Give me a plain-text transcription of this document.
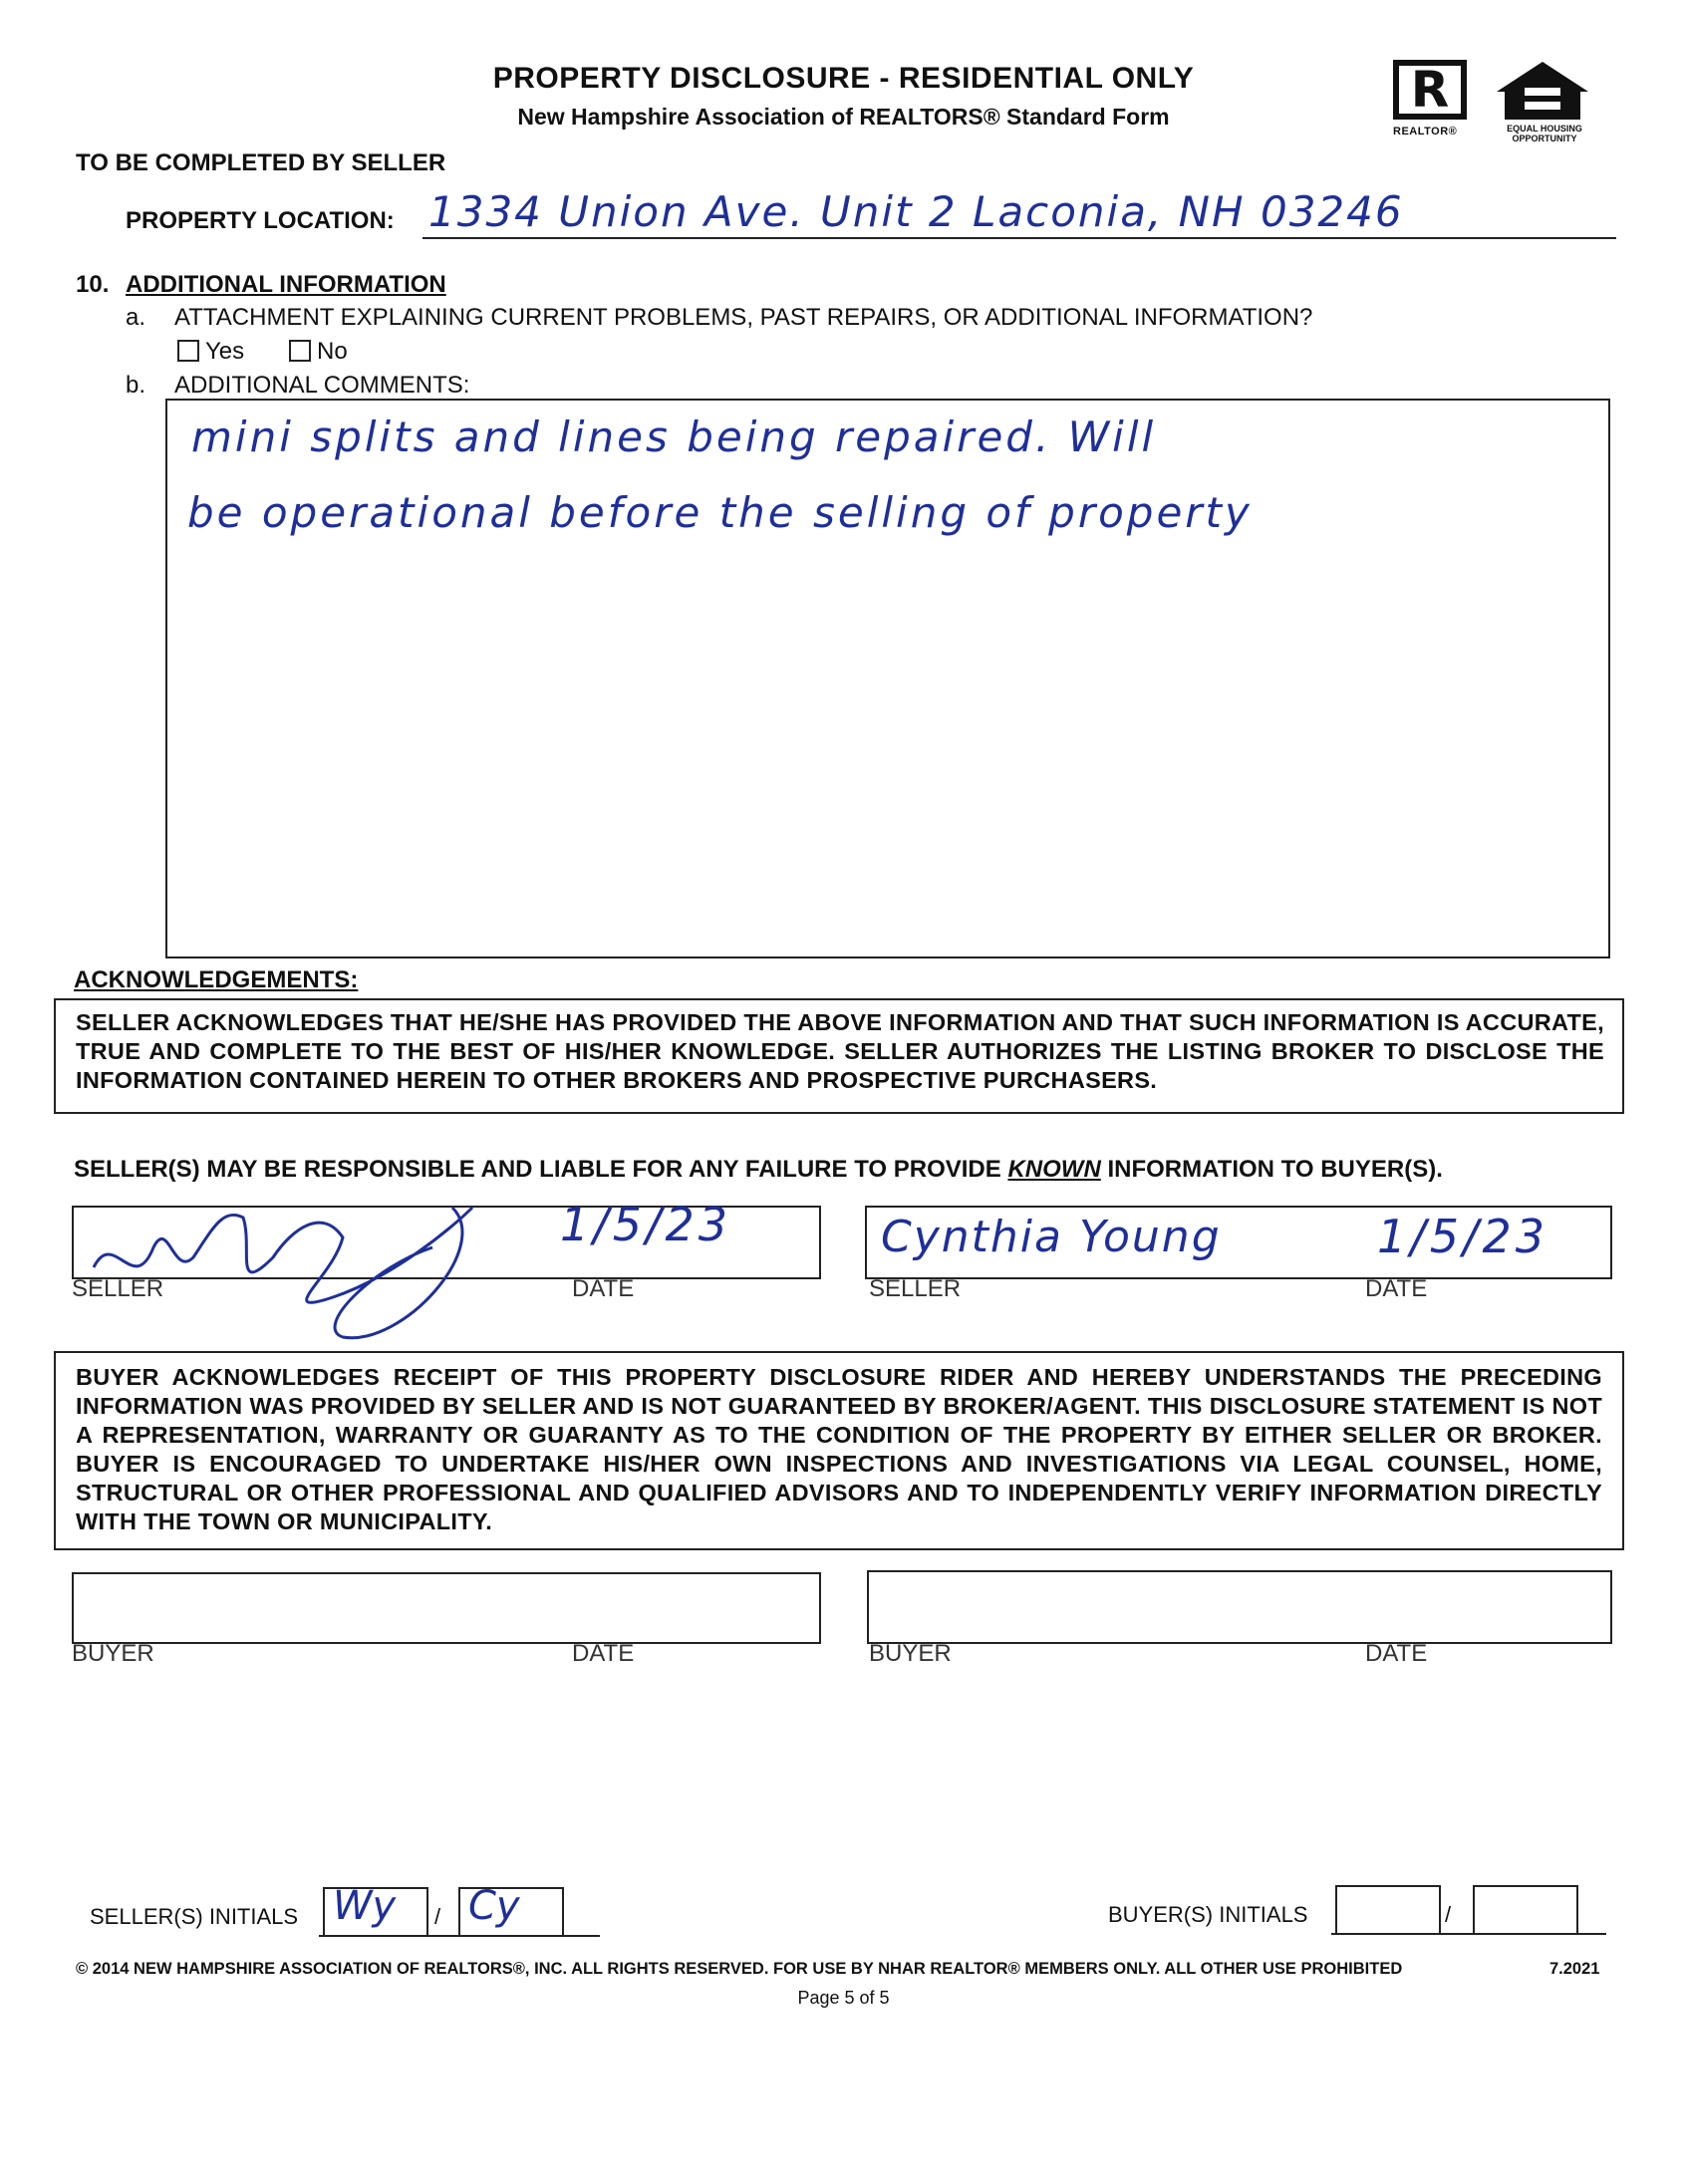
PROPERTY DISCLOSURE - RESIDENTIAL ONLY
New Hampshire Association of REALTORS® Standard Form	R
REALTOR®	EQUAL HOUSING
OPPORTUNITY
TO BE COMPLETED BY SELLER
PROPERTY LOCATION: 1334 Union Ave. Unit 2 Laconia, NH 03246
10. ADDITIONAL INFORMATION
a. ATTACHMENT EXPLAINING CURRENT PROBLEMS, PAST REPAIRS, OR ADDITIONAL INFORMATION?
Yes	No
b. ADDITIONAL COMMENTS:
mini splits and lines being repaired. Will
be operational before the selling of property
ACKNOWLEDGEMENTS:
SELLER ACKNOWLEDGES THAT HE/SHE HAS PROVIDED THE ABOVE INFORMATION AND THAT SUCH INFORMATION IS ACCURATE, TRUE AND COMPLETE TO THE BEST OF HIS/HER KNOWLEDGE. SELLER AUTHORIZES THE LISTING BROKER TO DISCLOSE THE INFORMATION CONTAINED HEREIN TO OTHER BROKERS AND PROSPECTIVE PURCHASERS.
SELLER(S) MAY BE RESPONSIBLE AND LIABLE FOR ANY FAILURE TO PROVIDE KNOWN INFORMATION TO BUYER(S).
1/5/23
SELLER	DATE
Cynthia Young	1/5/23
SELLER	DATE
BUYER ACKNOWLEDGES RECEIPT OF THIS PROPERTY DISCLOSURE RIDER AND HEREBY UNDERSTANDS THE PRECEDING INFORMATION WAS PROVIDED BY SELLER AND IS NOT GUARANTEED BY BROKER/AGENT. THIS DISCLOSURE STATEMENT IS NOT A REPRESENTATION, WARRANTY OR GUARANTY AS TO THE CONDITION OF THE PROPERTY BY EITHER SELLER OR BROKER. BUYER IS ENCOURAGED TO UNDERTAKE HIS/HER OWN INSPECTIONS AND INVESTIGATIONS VIA LEGAL COUNSEL, HOME, STRUCTURAL OR OTHER PROFESSIONAL AND QUALIFIED ADVISORS AND TO INDEPENDENTLY VERIFY INFORMATION DIRECTLY WITH THE TOWN OR MUNICIPALITY.
BUYER	DATE	BUYER	DATE
SELLER(S) INITIALS Wy / Cy	BUYER(S) INITIALS	/
© 2014 NEW HAMPSHIRE ASSOCIATION OF REALTORS®, INC. ALL RIGHTS RESERVED. FOR USE BY NHAR REALTOR® MEMBERS ONLY. ALL OTHER USE PROHIBITED	7.2021
Page 5 of 5
